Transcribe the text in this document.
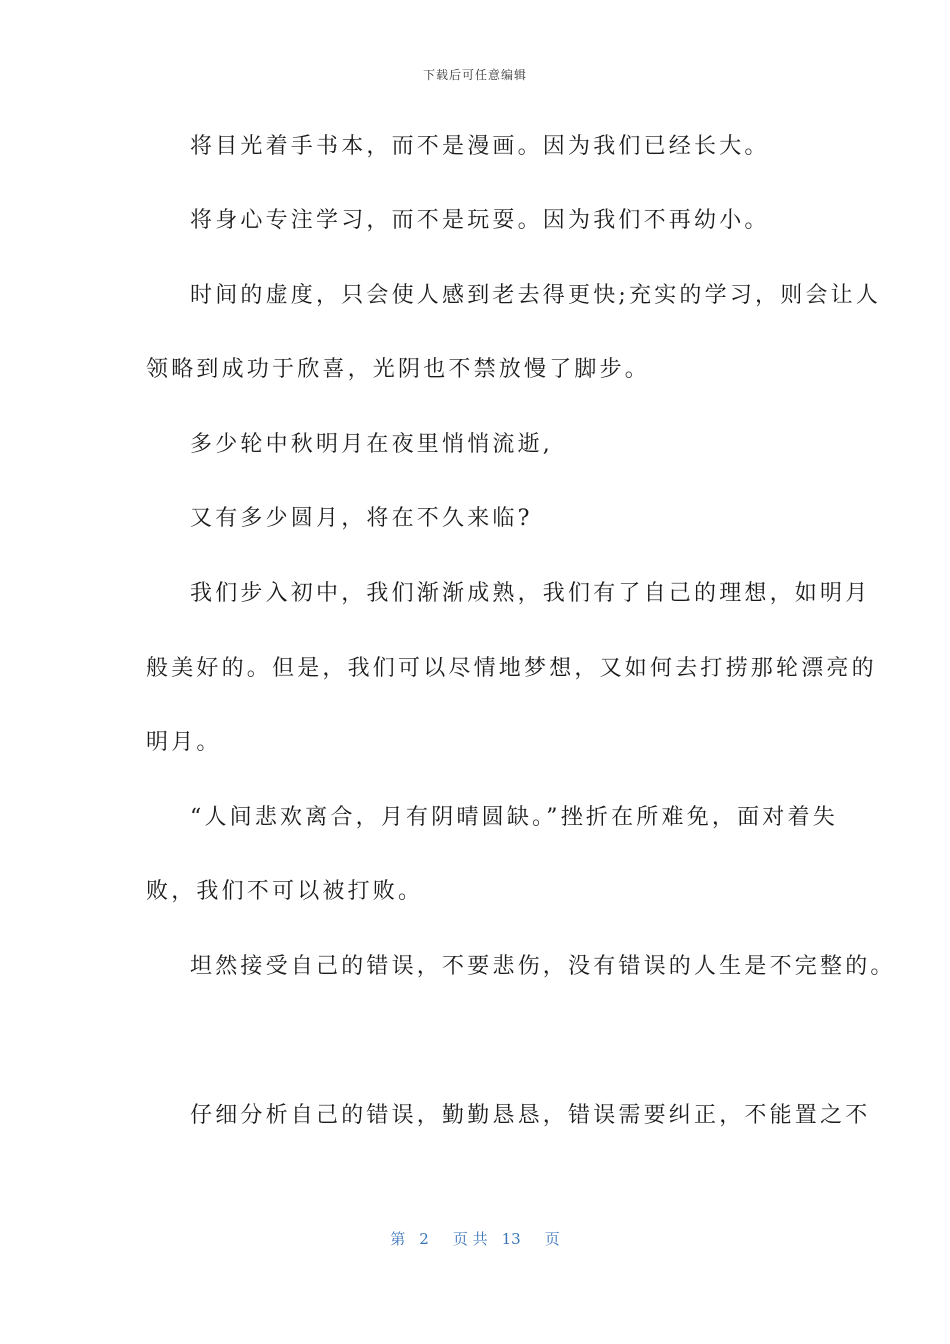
下载后可任意编辑
将目光着手书本，而不是漫画。因为我们已经长大。
将身心专注学习，而不是玩耍。因为我们不再幼小。
时间的虚度，只会使人感到老去得更快;充实的学习，则会让人
领略到成功于欣喜，光阴也不禁放慢了脚步。
多少轮中秋明月在夜里悄悄流逝,
又有多少圆月，将在不久来临?
我们步入初中，我们渐渐成熟，我们有了自己的理想，如明月
般美好的。但是，我们可以尽情地梦想，又如何去打捞那轮漂亮的
明月。
“人间悲欢离合，月有阴晴圆缺。”挫折在所难免，面对着失
败，我们不可以被打败。
坦然接受自己的错误，不要悲伤，没有错误的人生是不完整的。
仔细分析自己的错误，勤勤恳恳，错误需要纠正，不能置之不
第 2 页 共 13 页
